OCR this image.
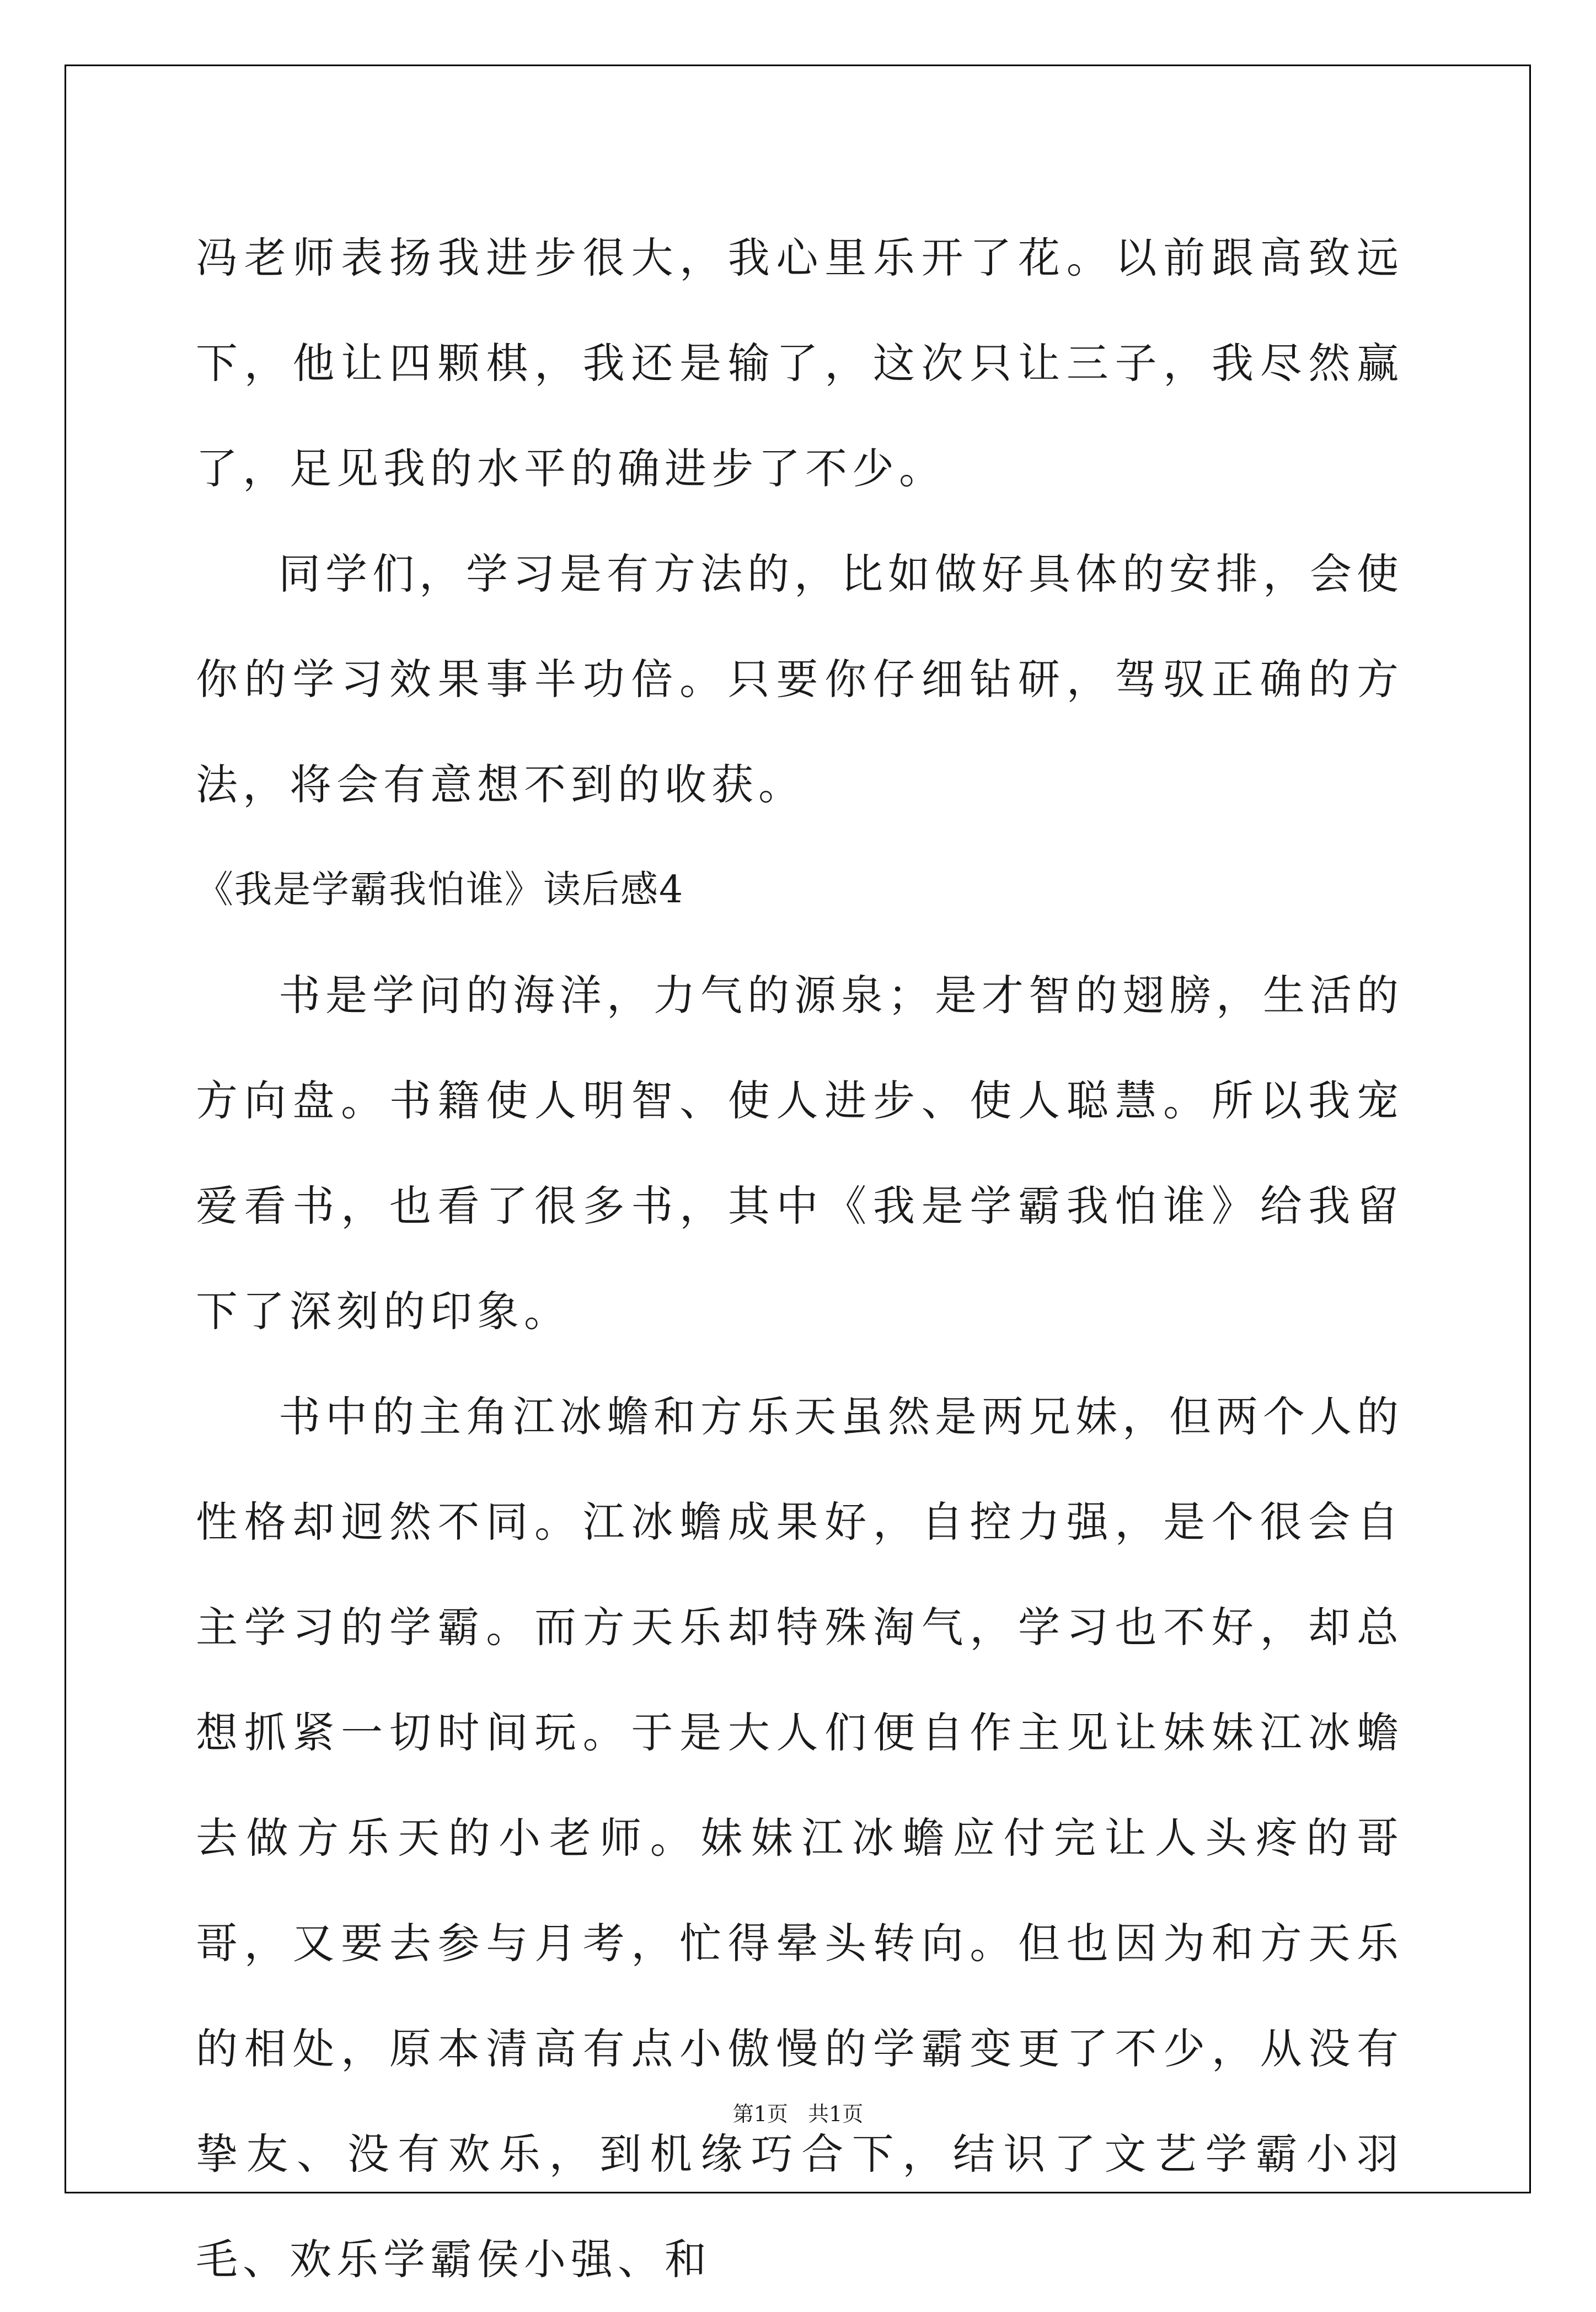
冯老师表扬我进步很大，我心里乐开了花。以前跟高致远下，他让四颗棋，我还是输了，这次只让三子，我尽然赢了，足见我的水平的确进步了不少。

同学们，学习是有方法的，比如做好具体的安排，会使你的学习效果事半功倍。只要你仔细钻研，驾驭正确的方法，将会有意想不到的收获。

《我是学霸我怕谁》读后感4

书是学问的海洋，力气的源泉；是才智的翅膀，生活的方向盘。书籍使人明智、使人进步、使人聪慧。所以我宠爱看书，也看了很多书，其中《我是学霸我怕谁》给我留下了深刻的印象。

书中的主角江冰蟾和方乐天虽然是两兄妹，但两个人的性格却迥然不同。江冰蟾成果好，自控力强，是个很会自主学习的学霸。而方天乐却特殊淘气，学习也不好，却总想抓紧一切时间玩。于是大人们便自作主见让妹妹江冰蟾去做方乐天的小老师。妹妹江冰蟾应付完让人头疼的哥哥，又要去参与月考，忙得晕头转向。但也因为和方天乐的相处，原本清高有点小傲慢的学霸变更了不少，从没有挚友、没有欢乐，到机缘巧合下，结识了文艺学霸小羽毛、欢乐学霸侯小强、和

第1页 共1页
